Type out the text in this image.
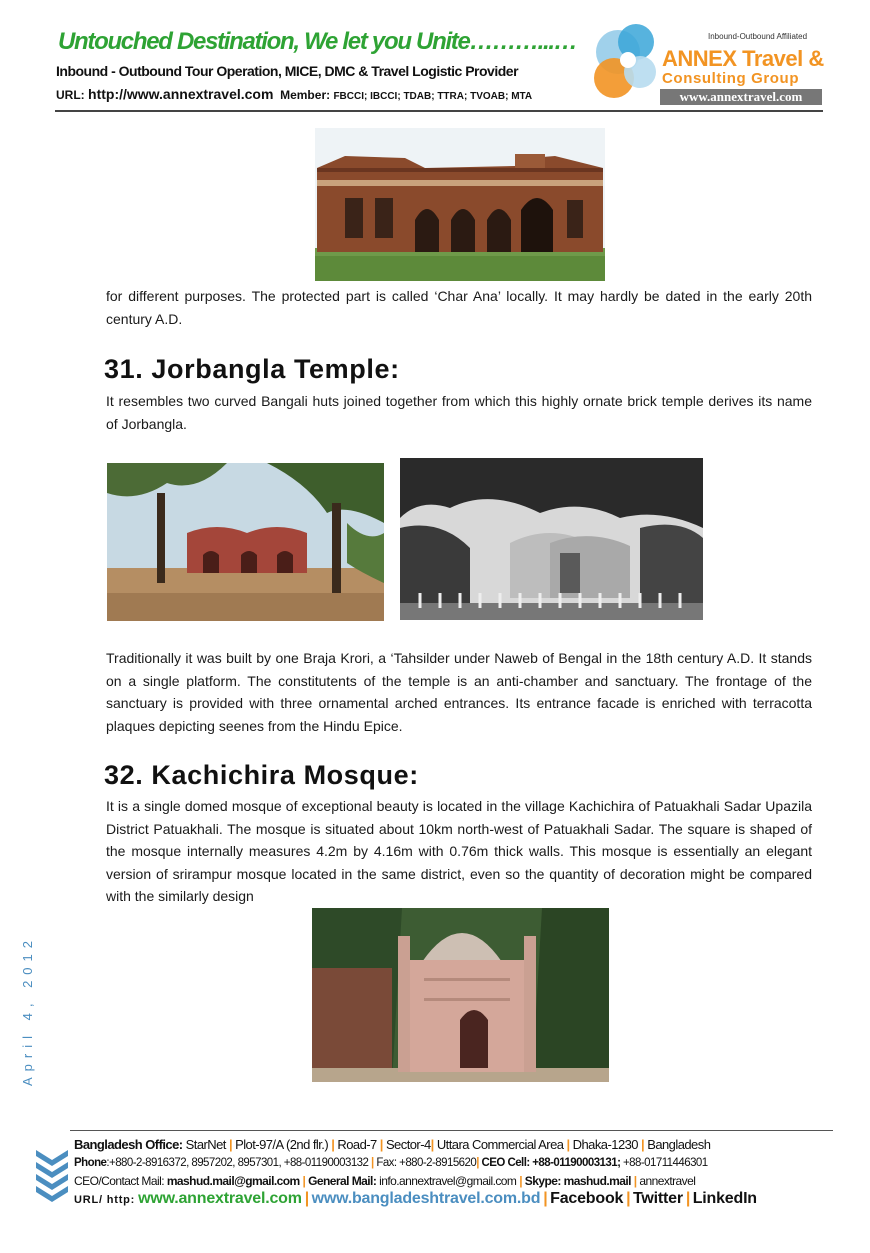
Untouched Destination, We let you Unite………...…
Inbound - Outbound Tour Operation, MICE, DMC & Travel Logistic Provider
URL: http://www.annextravel.com Member: FBCCI; IBCCI; TDAB; TTRA; TVOAB; MTA
Inbound-Outbound Affiliated
ANNEX Travel &
Consulting Group
www.annextravel.com
April 4, 2012
for different purposes. The protected part is called ‘Char Ana’ locally. It may hardly be dated in the early 20th century A.D.
31. Jorbangla Temple:
It resembles two curved Bangali huts joined together from which this highly ornate brick temple derives its name of Jorbangla.
Traditionally it was built by one Braja Krori, a ‘Tahsilder under Naweb of Bengal in the 18th century A.D. It stands on a single platform. The constitutents of the temple is an anti-chamber and sanctuary. The frontage of the sanctuary is provided with three ornamental arched entrances. Its entrance facade is enriched with terracotta plaques depicting seenes from the Hindu Epice.
32. Kachichira Mosque:
It is a single domed mosque of exceptional beauty is located in the village Kachichira of Patuakhali Sadar Upazila District Patuakhali. The mosque is situated about 10km north-west of Patuakhali Sadar. The square is shaped of the mosque internally measures 4.2m by 4.16m with 0.76m thick walls. This mosque is essentially an elegant version of srirampur mosque located in the same district, even so the quantity of decoration might be compared with the similarly design
Bangladesh Office: StarNet | Plot-97/A (2nd flr.) | Road-7 | Sector-4| Uttara Commercial Area | Dhaka-1230 | Bangladesh
Phone:+880-2-8916372, 8957202, 8957301, +88-01190003132 | Fax: +880-2-8915620| CEO Cell: +88-01190003131; +88-01711446301
CEO/Contact Mail: mashud.mail@gmail.com | General Mail: info.annextravel@gmail.com | Skype: mashud.mail | annextravel
URL/ http: www.annextravel.com | www.bangladeshtravel.com.bd | Facebook | Twitter | LinkedIn
